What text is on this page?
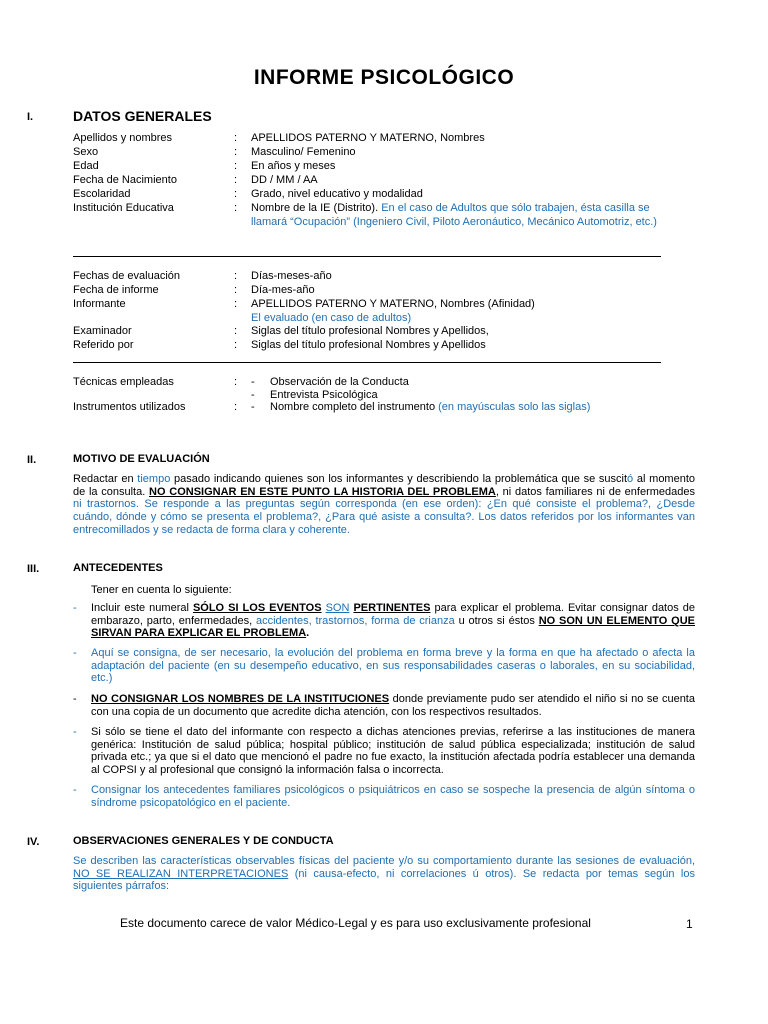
INFORME PSICOLÓGICO
I.	DATOS GENERALES
Apellidos y nombres	: APELLIDOS PATERNO Y MATERNO, Nombres
Sexo	: Masculino/ Femenino
Edad	: En años y meses
Fecha de Nacimiento	: DD / MM / AA
Escolaridad	: Grado, nivel educativo y modalidad
Institución Educativa	: Nombre de la IE (Distrito). En el caso de Adultos que sólo trabajen, ésta casilla se llamará “Ocupación” (Ingeniero Civil, Piloto Aeronáutico, Mecánico Automotriz, etc.)
Fechas de evaluación	: Días-meses-año
Fecha de informe	: Día-mes-año
Informante	: APELLIDOS PATERNO Y MATERNO, Nombres (Afinidad)
El evaluado (en caso de adultos)
Examinador	: Siglas del título profesional Nombres y Apellidos,
Referido por	: Siglas del título profesional Nombres y Apellidos
Técnicas empleadas	: - Observación de la Conducta
- Entrevista Psicológica
Instrumentos utilizados	: - Nombre completo del instrumento (en mayúsculas solo las siglas)
II.	MOTIVO DE EVALUACIÓN
Redactar en tiempo pasado indicando quienes son los informantes y describiendo la problemática que se suscitó al momento de la consulta. NO CONSIGNAR EN ESTE PUNTO LA HISTORIA DEL PROBLEMA, ni datos familiares ni de enfermedades ni trastornos. Se responde a las preguntas según corresponda (en ese orden): ¿En qué consiste el problema?, ¿Desde cuándo, dónde y cómo se presenta el problema?, ¿Para qué asiste a consulta?. Los datos referidos por los informantes van entrecomillados y se redacta de forma clara y coherente.
III.	ANTECEDENTES
Tener en cuenta lo siguiente:
- Incluir este numeral SÓLO SI LOS EVENTOS SON PERTINENTES para explicar el problema. Evitar consignar datos de embarazo, parto, enfermedades, accidentes, trastornos, forma de crianza u otros si éstos NO SON UN ELEMENTO QUE SIRVAN PARA EXPLICAR EL PROBLEMA.
- Aquí se consigna, de ser necesario, la evolución del problema en forma breve y la forma en que ha afectado o afecta la adaptación del paciente (en su desempeño educativo, en sus responsabilidades caseras o laborales, en su sociabilidad, etc.)
- NO CONSIGNAR LOS NOMBRES DE LA INSTITUCIONES donde previamente pudo ser atendido el niño si no se cuenta con una copia de un documento que acredite dicha atención, con los respectivos resultados.
- Si sólo se tiene el dato del informante con respecto a dichas atenciones previas, referirse a las instituciones de manera genérica: Institución de salud pública; hospital público; institución de salud pública especializada; institución de salud privada etc.; ya que si el dato que mencionó el padre no fue exacto, la institución afectada podría establecer una demanda al COPSI y al profesional que consignó la información falsa o incorrecta.
- Consignar los antecedentes familiares psicológicos o psiquiátricos en caso se sospeche la presencia de algún síntoma o síndrome psicopatológico en el paciente.
IV.	OBSERVACIONES GENERALES Y DE CONDUCTA
Se describen las características observables físicas del paciente y/o su comportamiento durante las sesiones de evaluación, NO SE REALIZAN INTERPRETACIONES (ni causa-efecto, ni correlaciones ú otros). Se redacta por temas según los siguientes párrafos:
Este documento carece de valor Médico-Legal y es para uso exclusivamente profesional	1
